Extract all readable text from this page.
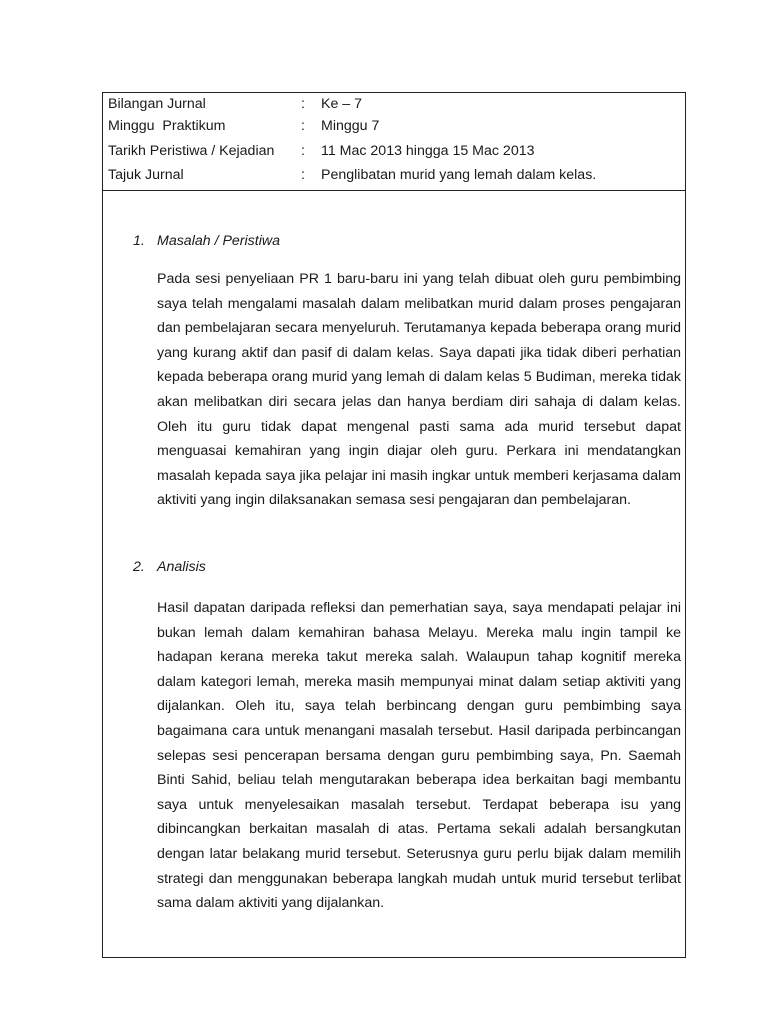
Bilangan Jurnal	: Ke – 7
Minggu  Praktikum	: Minggu 7
Tarikh Peristiwa / Kejadian : 11 Mac 2013 hingga 15 Mac 2013
Tajuk Jurnal	: Penglibatan murid yang lemah dalam kelas.
1. Masalah / Peristiwa
Pada sesi penyeliaan PR 1 baru-baru ini yang telah dibuat oleh guru pembimbing
saya telah mengalami masalah dalam melibatkan murid dalam proses pengajaran
dan pembelajaran secara menyeluruh. Terutamanya kepada beberapa orang murid
yang kurang aktif dan pasif di dalam kelas. Saya dapati jika tidak diberi perhatian
kepada beberapa orang murid yang lemah di dalam kelas 5 Budiman, mereka tidak
akan melibatkan diri secara jelas dan hanya berdiam diri sahaja di dalam kelas.
Oleh itu guru tidak dapat mengenal pasti sama ada murid tersebut dapat
menguasai kemahiran yang ingin diajar oleh guru. Perkara ini mendatangkan
masalah kepada saya jika pelajar ini masih ingkar untuk memberi kerjasama dalam
aktiviti yang ingin dilaksanakan semasa sesi pengajaran dan pembelajaran.
2. Analisis
Hasil dapatan daripada refleksi dan pemerhatian saya, saya mendapati pelajar ini
bukan lemah dalam kemahiran bahasa Melayu. Mereka malu ingin tampil ke
hadapan kerana mereka takut mereka salah. Walaupun tahap kognitif mereka
dalam kategori lemah, mereka masih mempunyai minat dalam setiap aktiviti yang
dijalankan. Oleh itu, saya telah berbincang dengan guru pembimbing saya
bagaimana cara untuk menangani masalah tersebut. Hasil daripada perbincangan
selepas sesi pencerapan bersama dengan guru pembimbing saya, Pn. Saemah
Binti Sahid, beliau telah mengutarakan beberapa idea berkaitan bagi membantu
saya untuk menyelesaikan masalah tersebut. Terdapat beberapa isu yang
dibincangkan berkaitan masalah di atas. Pertama sekali adalah bersangkutan
dengan latar belakang murid tersebut. Seterusnya guru perlu bijak dalam memilih
strategi dan menggunakan beberapa langkah mudah untuk murid tersebut terlibat
sama dalam aktiviti yang dijalankan.
